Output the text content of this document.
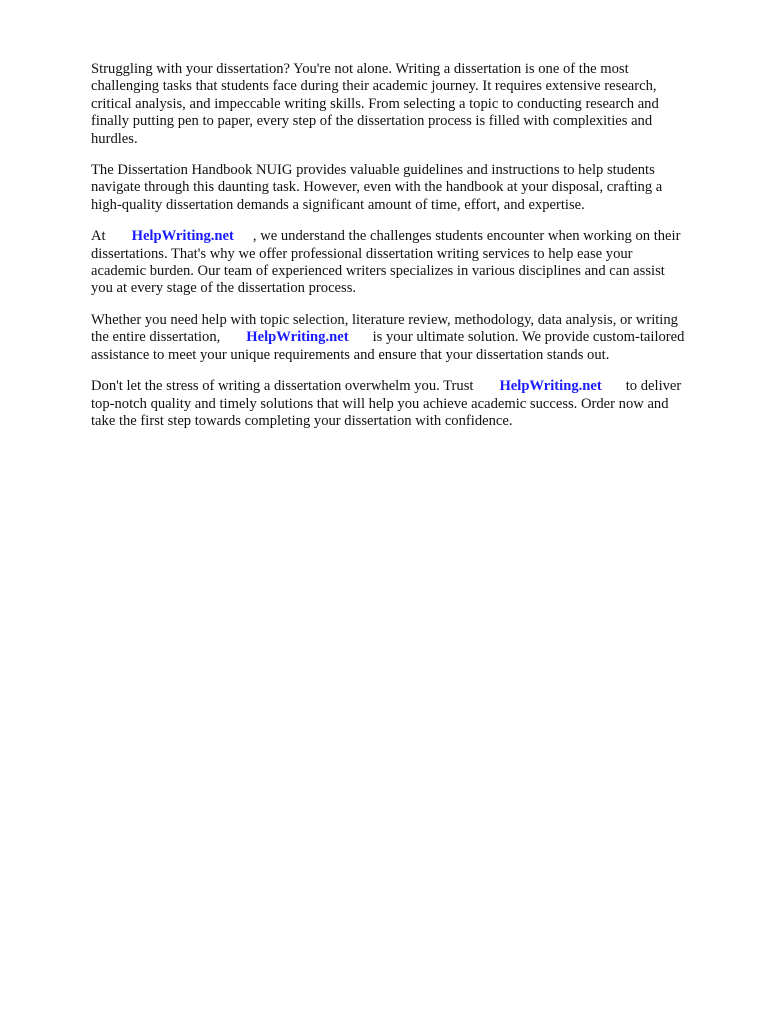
Struggling with your dissertation? You're not alone. Writing a dissertation is one of the most
challenging tasks that students face during their academic journey. It requires extensive research,
critical analysis, and impeccable writing skills. From selecting a topic to conducting research and
finally putting pen to paper, every step of the dissertation process is filled with complexities and
hurdles.

The Dissertation Handbook NUIG provides valuable guidelines and instructions to help students
navigate through this daunting task. However, even with the handbook at your disposal, crafting a
high-quality dissertation demands a significant amount of time, effort, and expertise.

At HelpWriting.net , we understand the challenges students encounter when working on their
dissertations. That's why we offer professional dissertation writing services to help ease your
academic burden. Our team of experienced writers specializes in various disciplines and can assist
you at every stage of the dissertation process.

Whether you need help with topic selection, literature review, methodology, data analysis, or writing
the entire dissertation, HelpWriting.net is your ultimate solution. We provide custom-tailored
assistance to meet your unique requirements and ensure that your dissertation stands out.

Don't let the stress of writing a dissertation overwhelm you. Trust HelpWriting.net to deliver
top-notch quality and timely solutions that will help you achieve academic success. Order now and
take the first step towards completing your dissertation with confidence.
